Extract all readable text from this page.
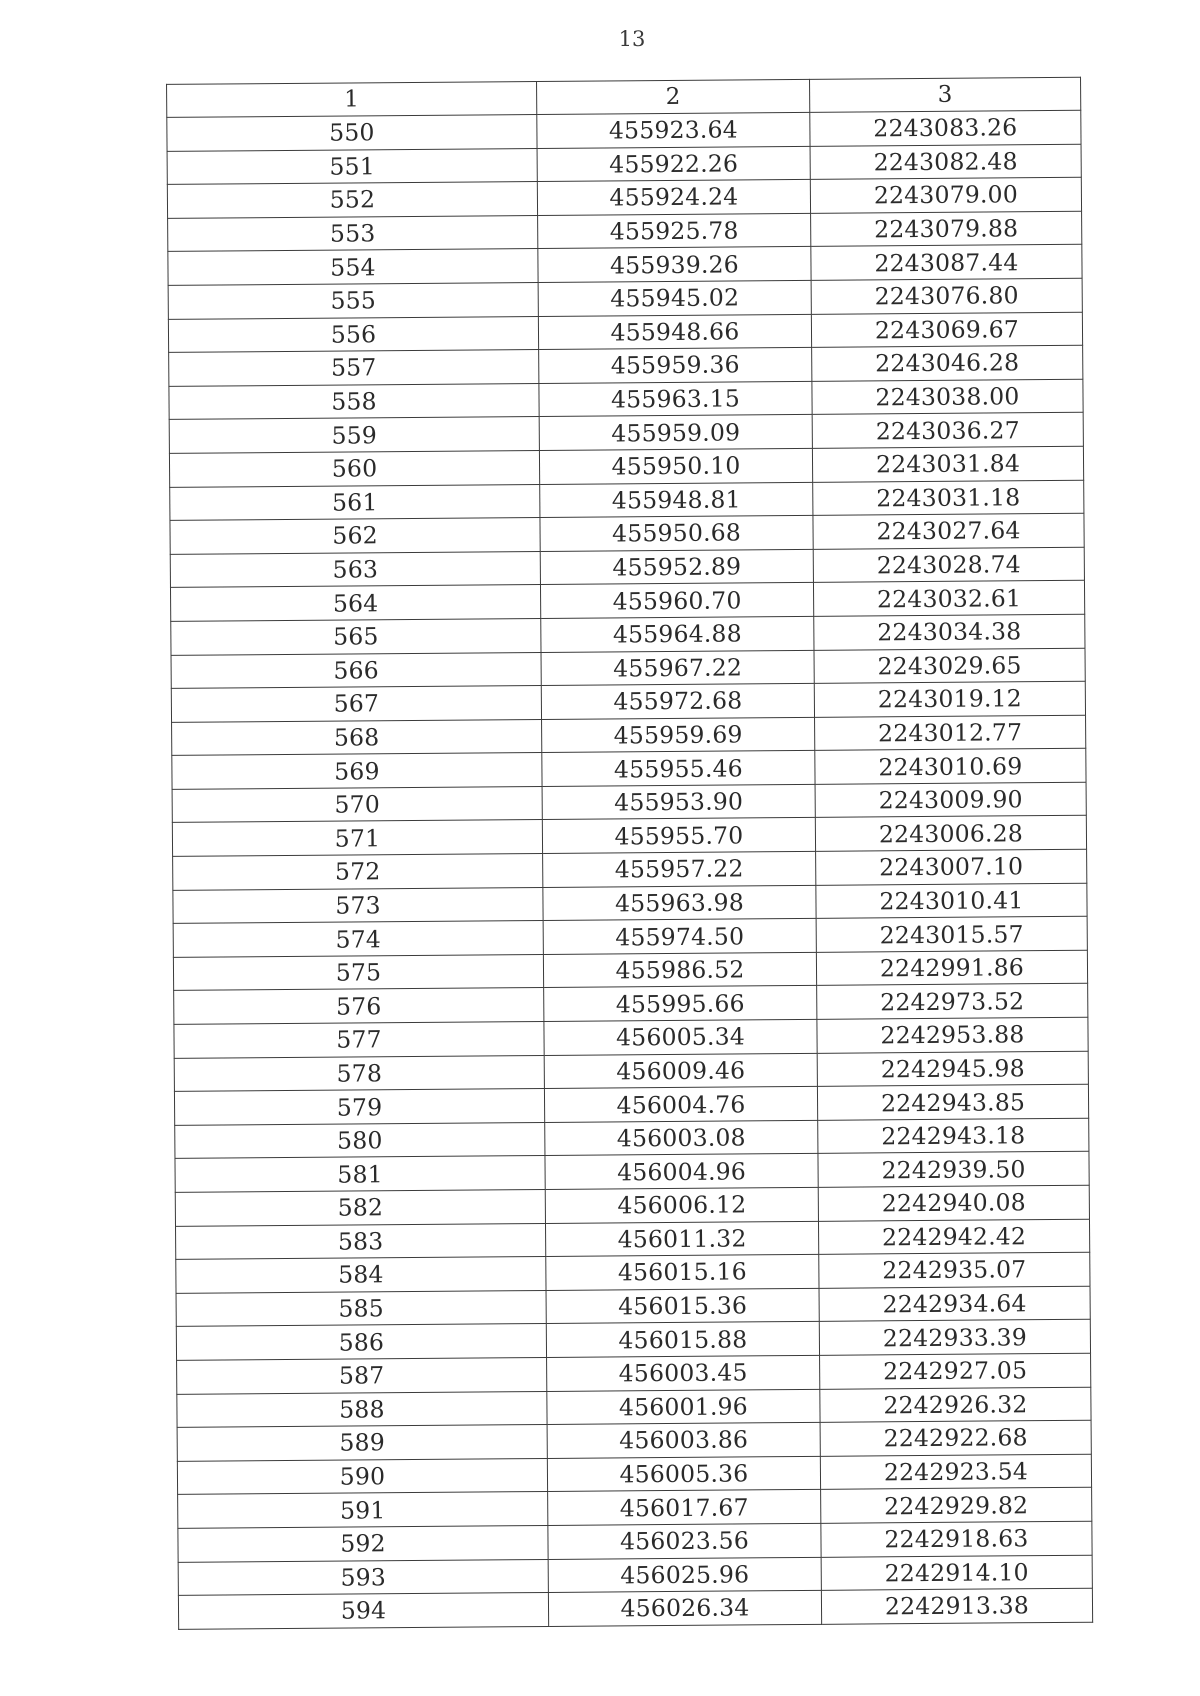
13
1	2	3
550	455923.64	2243083.26
551	455922.26	2243082.48
552	455924.24	2243079.00
553	455925.78	2243079.88
554	455939.26	2243087.44
555	455945.02	2243076.80
556	455948.66	2243069.67
557	455959.36	2243046.28
558	455963.15	2243038.00
559	455959.09	2243036.27
560	455950.10	2243031.84
561	455948.81	2243031.18
562	455950.68	2243027.64
563	455952.89	2243028.74
564	455960.70	2243032.61
565	455964.88	2243034.38
566	455967.22	2243029.65
567	455972.68	2243019.12
568	455959.69	2243012.77
569	455955.46	2243010.69
570	455953.90	2243009.90
571	455955.70	2243006.28
572	455957.22	2243007.10
573	455963.98	2243010.41
574	455974.50	2243015.57
575	455986.52	2242991.86
576	455995.66	2242973.52
577	456005.34	2242953.88
578	456009.46	2242945.98
579	456004.76	2242943.85
580	456003.08	2242943.18
581	456004.96	2242939.50
582	456006.12	2242940.08
583	456011.32	2242942.42
584	456015.16	2242935.07
585	456015.36	2242934.64
586	456015.88	2242933.39
587	456003.45	2242927.05
588	456001.96	2242926.32
589	456003.86	2242922.68
590	456005.36	2242923.54
591	456017.67	2242929.82
592	456023.56	2242918.63
593	456025.96	2242914.10
594	456026.34	2242913.38
